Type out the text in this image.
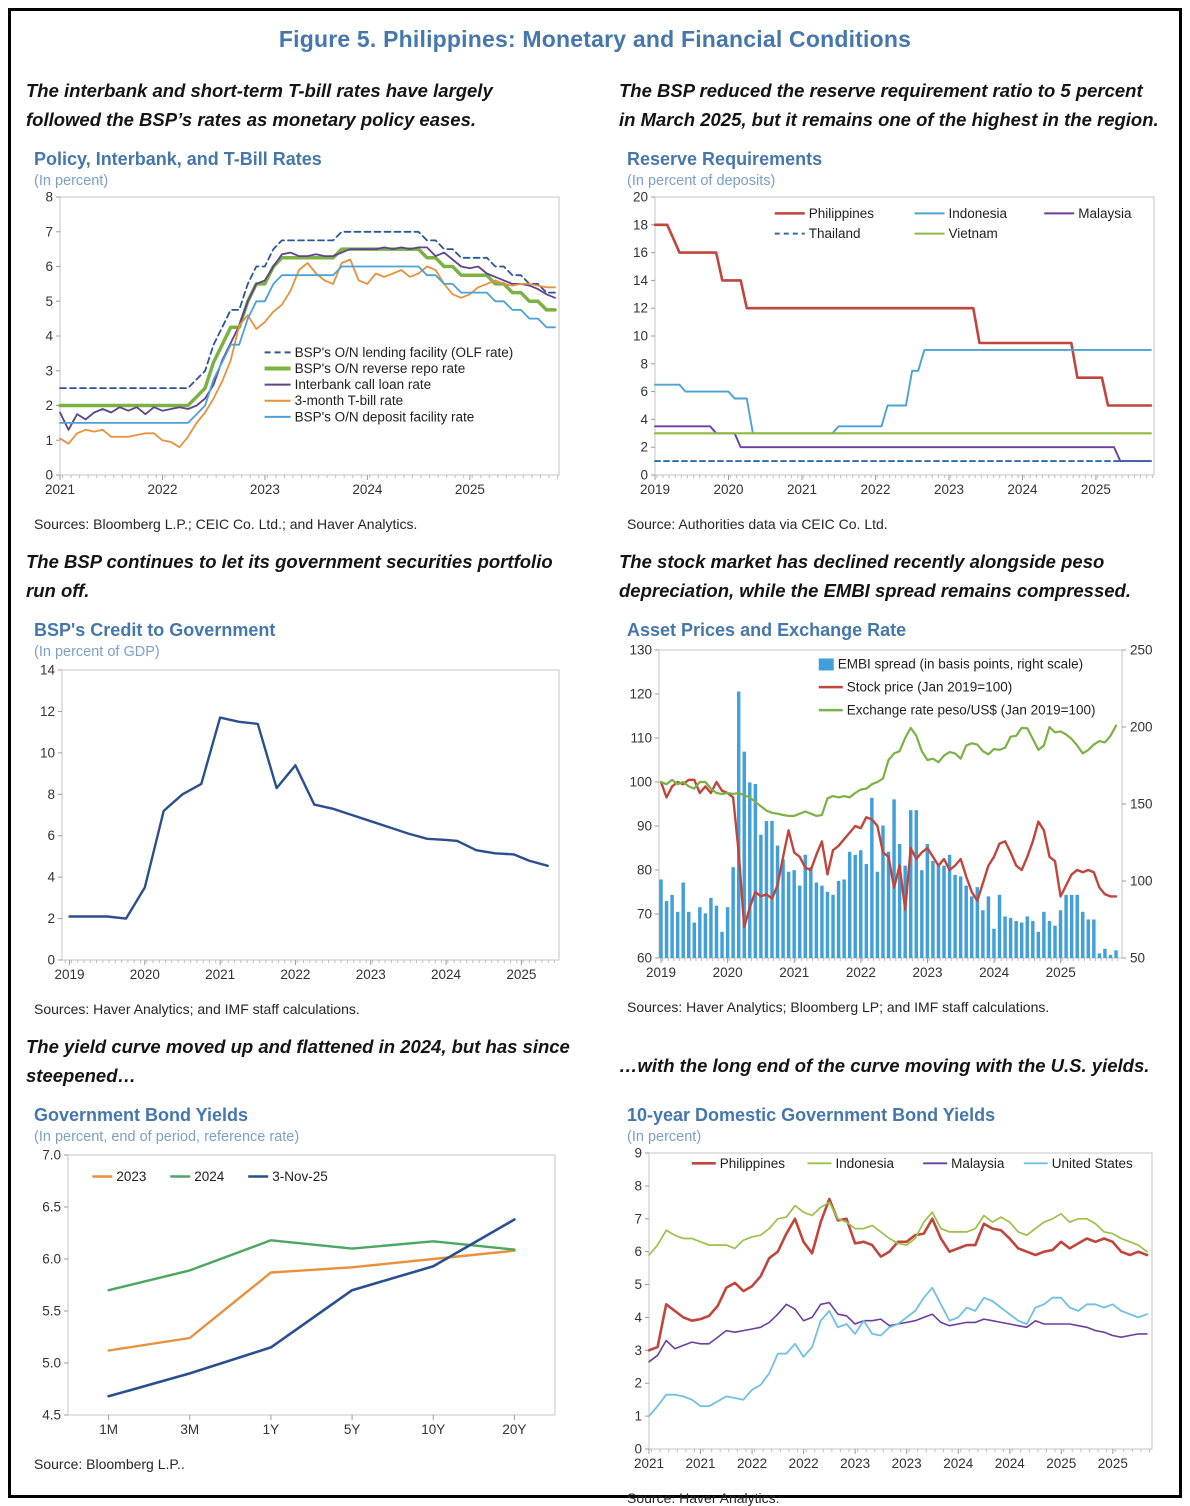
Figure 5. Philippines: Monetary and Financial Conditions
The interbank and short-term T-bill rates have largely followed the BSP’s rates as monetary policy eases.
Policy, Interbank, and T-Bill Rates
(In percent)
0
1
2
3
4
5
6
7
8
2021	2022	2023	2024	2025
BSP's O/N lending facility (OLF rate)
BSP's O/N reverse repo rate
Interbank call loan rate
3-month T-bill rate
BSP's O/N deposit facility rate
Sources: Bloomberg L.P.; CEIC Co. Ltd.; and Haver Analytics.
The BSP reduced the reserve requirement ratio to 5 percent in March 2025, but it remains one of the highest in the region.
Reserve Requirements
(In percent of deposits)
0
2
4
6
8
10
12
14
16
18
20
2019	2020	2021	2022	2023	2024	2025
Philippines	Indonesia	Malaysia
Thailand	Vietnam
Source: Authorities data via CEIC Co. Ltd.
The BSP continues to let its government securities portfolio run off.
BSP's Credit to Government
(In percent of GDP)
0
2
4
6
8
10
12
14
2019	2020	2021	2022	2023	2024	2025
Sources: Haver Analytics; and IMF staff calculations.
The stock market has declined recently alongside peso depreciation, while the EMBI spread remains compressed.
Asset Prices and Exchange Rate
60
70
80
90
100
110
120
130
50
100
150
200
250
2019	2020	2021	2022	2023	2024	2025
EMBI spread (in basis points, right scale)
Stock price (Jan 2019=100)
Exchange rate peso/US$ (Jan 2019=100)
Sources: Haver Analytics; Bloomberg LP; and IMF staff calculations.
The yield curve moved up and flattened in 2024, but has since steepened…
Government Bond Yields
(In percent, end of period, reference rate)
4.5
5.0
5.5
6.0
6.5
7.0
1M	3M	1Y	5Y	10Y	20Y
2023	2024	3-Nov-25
Source: Bloomberg L.P..
…with the long end of the curve moving with the U.S. yields.
10-year Domestic Government Bond Yields
(In percent)
0
1
2
3
4
5
6
7
8
9
2021 2021 2022 2022 2023 2023 2024 2024 2025 2025
Philippines	Indonesia	Malaysia	United States
Source: Haver Analytics.
